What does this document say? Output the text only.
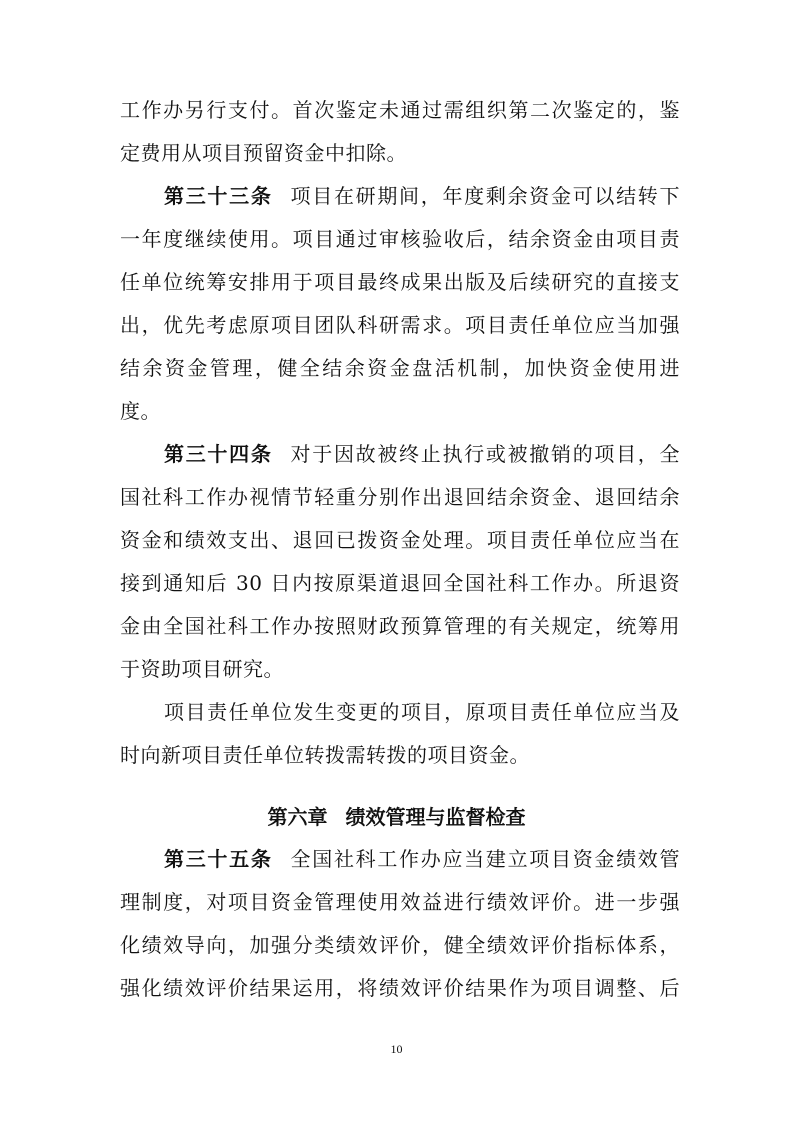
工作办另行支付。首次鉴定未通过需组织第二次鉴定的，鉴
定费用从项目预留资金中扣除。
第三十三条 项目在研期间，年度剩余资金可以结转下
一年度继续使用。项目通过审核验收后，结余资金由项目责
任单位统筹安排用于项目最终成果出版及后续研究的直接支
出，优先考虑原项目团队科研需求。项目责任单位应当加强
结余资金管理，健全结余资金盘活机制，加快资金使用进
度。
第三十四条 对于因故被终止执行或被撤销的项目，全
国社科工作办视情节轻重分别作出退回结余资金、退回结余
资金和绩效支出、退回已拨资金处理。项目责任单位应当在
接到通知后 30 日内按原渠道退回全国社科工作办。所退资
金由全国社科工作办按照财政预算管理的有关规定，统筹用
于资助项目研究。
项目责任单位发生变更的项目，原项目责任单位应当及
时向新项目责任单位转拨需转拨的项目资金。
第六章 绩效管理与监督检查
第三十五条 全国社科工作办应当建立项目资金绩效管
理制度，对项目资金管理使用效益进行绩效评价。进一步强
化绩效导向，加强分类绩效评价，健全绩效评价指标体系，
强化绩效评价结果运用，将绩效评价结果作为项目调整、后
10
